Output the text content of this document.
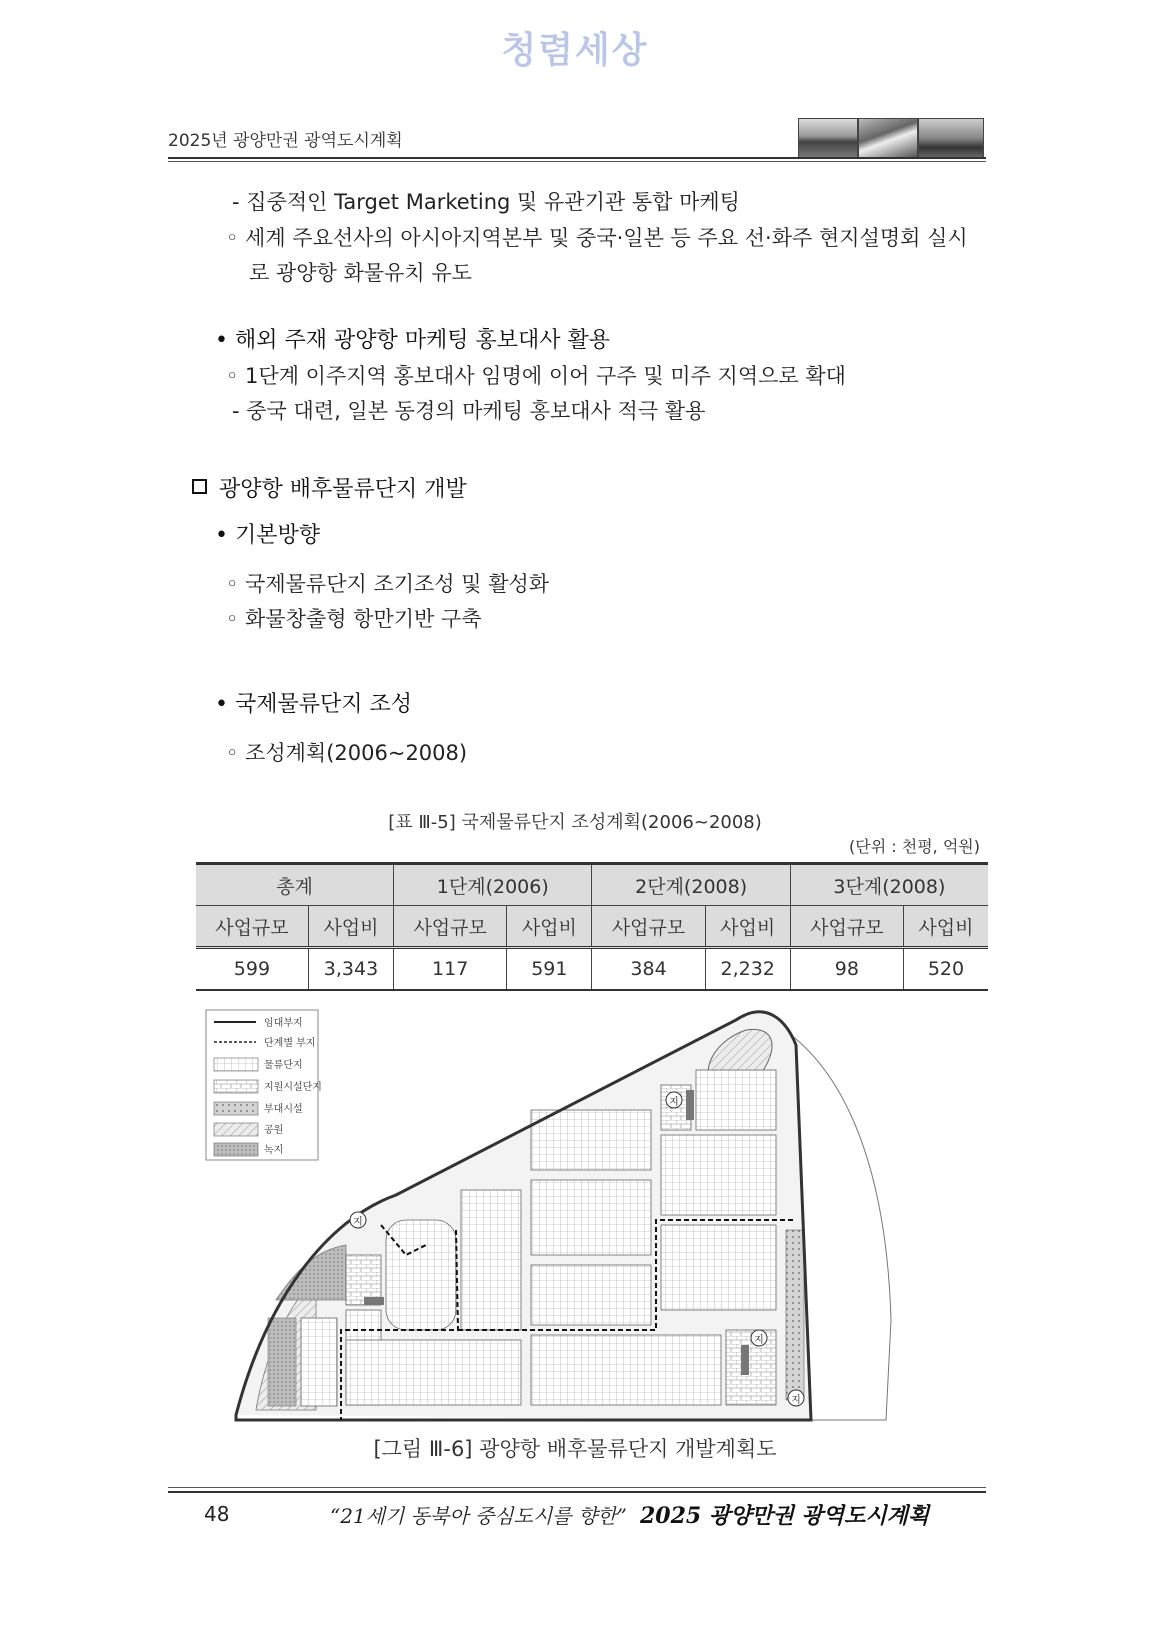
청렴세상
2025년 광양만권 광역도시계획
- 집중적인 Target Marketing 및 유관기관 통합 마케팅
◦ 세계 주요선사의 아시아지역본부 및 중국·일본 등 주요 선·화주 현지설명회 실시
로 광양항 화물유치 유도
• 해외 주재 광양항 마케팅 홍보대사 활용
◦ 1단계 이주지역 홍보대사 임명에 이어 구주 및 미주 지역으로 확대
- 중국 대련, 일본 동경의 마케팅 홍보대사 적극 활용
광양항 배후물류단지 개발
• 기본방향
◦ 국제물류단지 조기조성 및 활성화
◦ 화물창출형 항만기반 구축
• 국제물류단지 조성
◦ 조성계획(2006~2008)
[표 Ⅲ-5] 국제물류단지 조성계획(2006~2008)
(단위 : 천평, 억원)
총계		1단계(2006)		2단계(2008)		3단계(2008)	
사업규모	사업비	사업규모	사업비	사업규모	사업비	사업규모	사업비
599	3,343	117	591	384	2,232	98	520
지
지
지
지
임대부지
단계별 부지
물류단지
지원시설단지
부대시설
공원
녹지
[그림 Ⅲ-6] 광양항 배후물류단지 개발계획도
48	“21세기 동북아 중심도시를 향한” 2025 광양만권 광역도시계획
